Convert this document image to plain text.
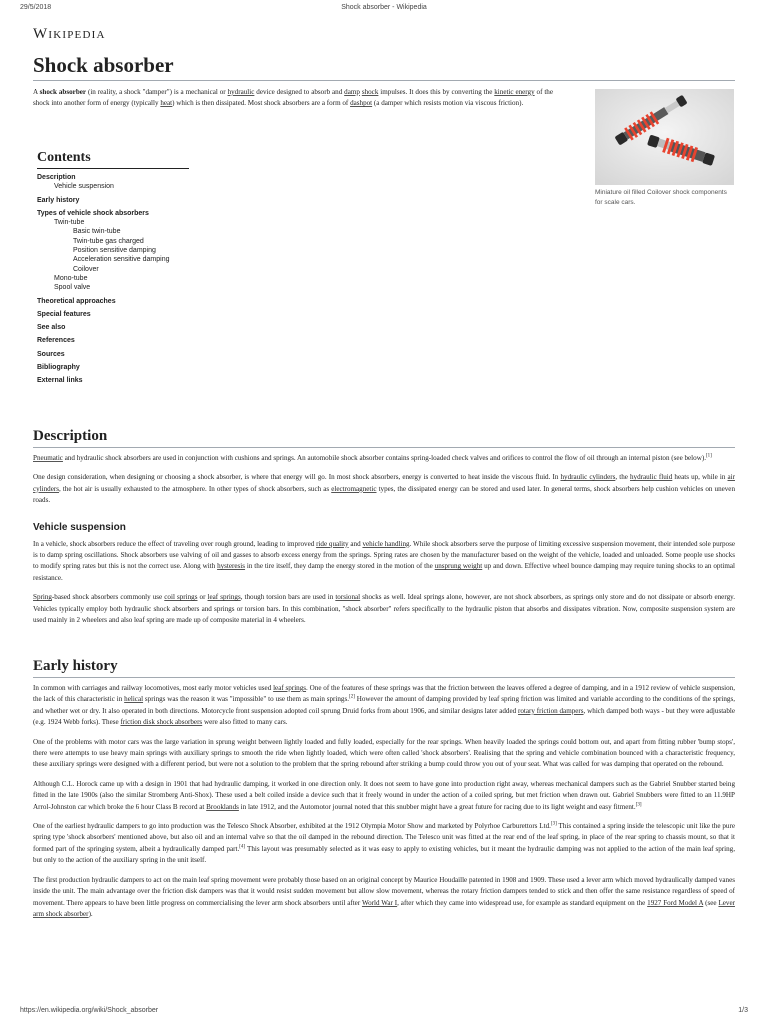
29/5/2018	Shock absorber - Wikipedia
Wikipedia
Shock absorber

A shock absorber (in reality, a shock "damper") is a mechanical or hydraulic device designed to absorb and damp shock impulses. It does this by converting the kinetic energy of the shock into another form of energy (typically heat) which is then dissipated. Most shock absorbers are a form of dashpot (a damper which resists motion via viscous friction).

Miniature oil filled Coilover shock components for scale cars.
Contents
Description
Vehicle suspension
Early history
Types of vehicle shock absorbers
Twin-tube
Basic twin-tube
Twin-tube gas charged
Position sensitive damping
Acceleration sensitive damping
Coilover
Mono-tube
Spool valve
Theoretical approaches
Special features
See also
References
Sources
Bibliography
External links
Description

Pneumatic and hydraulic shock absorbers are used in conjunction with cushions and springs. An automobile shock absorber contains spring-loaded check valves and orifices to control the flow of oil through an internal piston (see below).[1]

One design consideration, when designing or choosing a shock absorber, is where that energy will go. In most shock absorbers, energy is converted to heat inside the viscous fluid. In hydraulic cylinders, the hydraulic fluid heats up, while in air cylinders, the hot air is usually exhausted to the atmosphere. In other types of shock absorbers, such as electromagnetic types, the dissipated energy can be stored and used later. In general terms, shock absorbers help cushion vehicles on uneven roads.

Vehicle suspension

In a vehicle, shock absorbers reduce the effect of traveling over rough ground, leading to improved ride quality and vehicle handling. While shock absorbers serve the purpose of limiting excessive suspension movement, their intended sole purpose is to damp spring oscillations. Shock absorbers use valving of oil and gasses to absorb excess energy from the springs. Spring rates are chosen by the manufacturer based on the weight of the vehicle, loaded and unloaded. Some people use shocks to modify spring rates but this is not the correct use. Along with hysteresis in the tire itself, they damp the energy stored in the motion of the unsprung weight up and down. Effective wheel bounce damping may require tuning shocks to an optimal resistance.

Spring-based shock absorbers commonly use coil springs or leaf springs, though torsion bars are used in torsional shocks as well. Ideal springs alone, however, are not shock absorbers, as springs only store and do not dissipate or absorb energy. Vehicles typically employ both hydraulic shock absorbers and springs or torsion bars. In this combination, "shock absorber" refers specifically to the hydraulic piston that absorbs and dissipates vibration. Now, composite suspension system are used mainly in 2 wheelers and also leaf spring are made up of composite material in 4 wheelers.

Early history

In common with carriages and railway locomotives, most early motor vehicles used leaf springs. One of the features of these springs was that the friction between the leaves offered a degree of damping, and in a 1912 review of vehicle suspension, the lack of this characteristic in helical springs was the reason it was "impossible" to use them as main springs.[2] However the amount of damping provided by leaf spring friction was limited and variable according to the conditions of the springs, and whether wet or dry. It also operated in both directions. Motorcycle front suspension adopted coil sprung Druid forks from about 1906, and similar designs later added rotary friction dampers, which damped both ways - but they were adjustable (e.g. 1924 Webb forks). These friction disk shock absorbers were also fitted to many cars.

One of the problems with motor cars was the large variation in sprung weight between lightly loaded and fully loaded, especially for the rear springs. When heavily loaded the springs could bottom out, and apart from fitting rubber 'bump stops', there were attempts to use heavy main springs with auxiliary springs to smooth the ride when lightly loaded, which were often called 'shock absorbers'. Realising that the spring and vehicle combination bounced with a characteristic frequency, these auxiliary springs were designed with a different period, but were not a solution to the problem that the spring rebound after striking a bump could throw you out of your seat. What was called for was damping that operated on the rebound.

Although C.L. Horock came up with a design in 1901 that had hydraulic damping, it worked in one direction only. It does not seem to have gone into production right away, whereas mechanical dampers such as the Gabriel Snubber started being fitted in the late 1900s (also the similar Stromberg Anti-Shox). These used a belt coiled inside a device such that it freely wound in under the action of a coiled spring, but met friction when drawn out. Gabriel Snubbers were fitted to an 11.9HP Arrol-Johnston car which broke the 6 hour Class B record at Brooklands in late 1912, and the Automotor journal noted that this snubber might have a great future for racing due to its light weight and easy fitment.[3]

One of the earliest hydraulic dampers to go into production was the Telesco Shock Absorber, exhibited at the 1912 Olympia Motor Show and marketed by Polyrhoe Carburettors Ltd.[3] This contained a spring inside the telescopic unit like the pure spring type 'shock absorbers' mentioned above, but also oil and an internal valve so that the oil damped in the rebound direction. The Telesco unit was fitted at the rear end of the leaf spring, in place of the rear spring to chassis mount, so that it formed part of the springing system, albeit a hydraulically damped part.[4] This layout was presumably selected as it was easy to apply to existing vehicles, but it meant the hydraulic damping was not applied to the action of the main leaf spring, but only to the action of the auxiliary spring in the unit itself.

The first production hydraulic dampers to act on the main leaf spring movement were probably those based on an original concept by Maurice Houdaille patented in 1908 and 1909. These used a lever arm which moved hydraulically damped vanes inside the unit. The main advantage over the friction disk dampers was that it would resist sudden movement but allow slow movement, whereas the rotary friction dampers tended to stick and then offer the same resistance regardless of speed of movement. There appears to have been little progress on commercialising the lever arm shock absorbers until after World War I, after which they came into widespread use, for example as standard equipment on the 1927 Ford Model A (see Lever arm shock absorber).

https://en.wikipedia.org/wiki/Shock_absorber	1/3
